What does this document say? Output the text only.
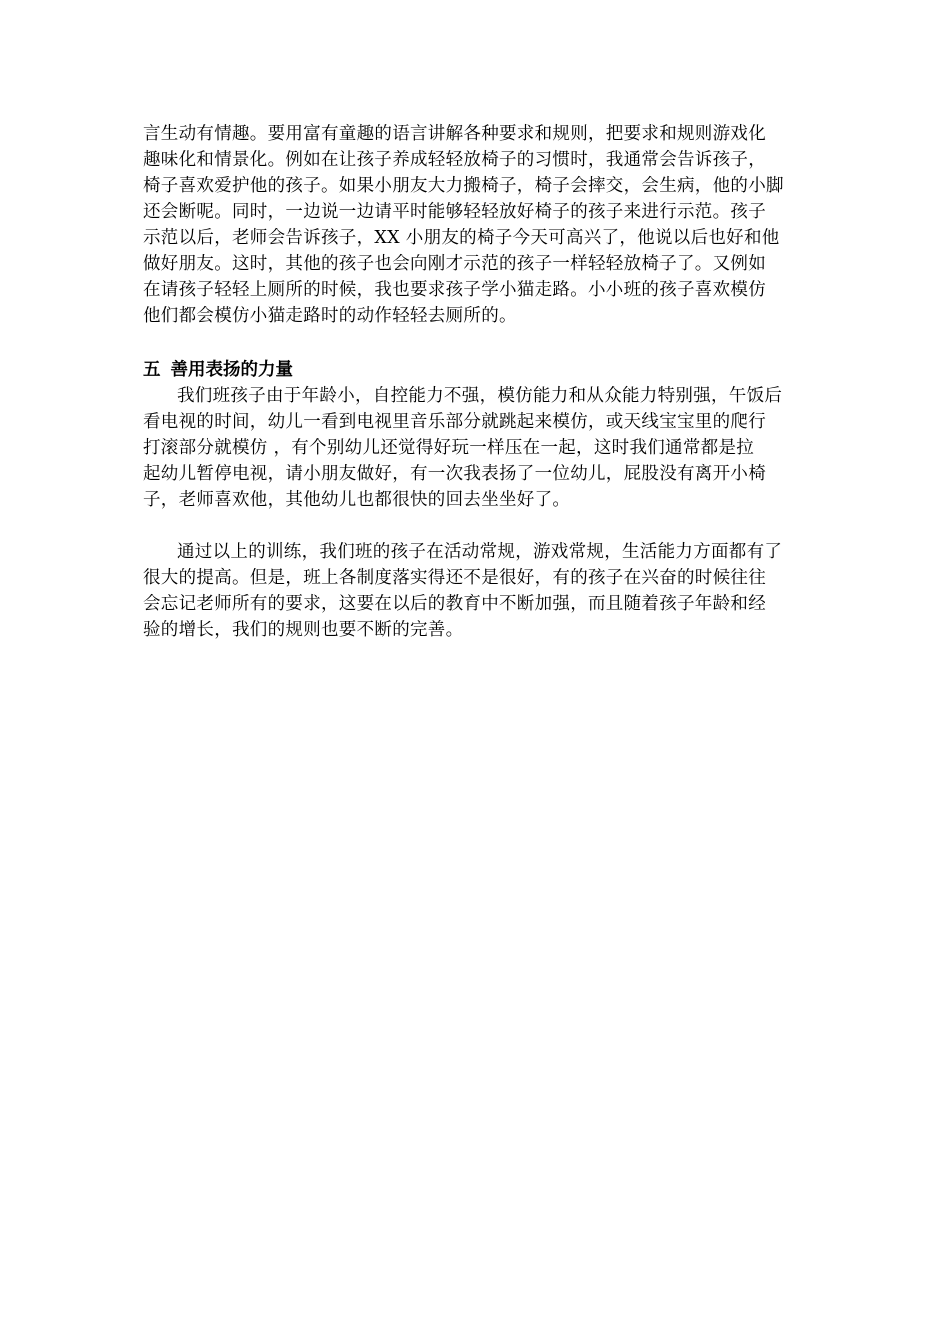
言生动有情趣。要用富有童趣的语言讲解各种要求和规则，把要求和规则游戏化
趣味化和情景化。例如在让孩子养成轻轻放椅子的习惯时，我通常会告诉孩子，
椅子喜欢爱护他的孩子。如果小朋友大力搬椅子，椅子会摔交，会生病，他的小脚
还会断呢。同时，一边说一边请平时能够轻轻放好椅子的孩子来进行示范。孩子
示范以后，老师会告诉孩子，XX 小朋友的椅子今天可高兴了，他说以后也好和他
做好朋友。这时，其他的孩子也会向刚才示范的孩子一样轻轻放椅子了。又例如
在请孩子轻轻上厕所的时候，我也要求孩子学小猫走路。小小班的孩子喜欢模仿
他们都会模仿小猫走路时的动作轻轻去厕所的。
五 善用表扬的力量
我们班孩子由于年龄小，自控能力不强，模仿能力和从众能力特别强，午饭后
看电视的时间，幼儿一看到电视里音乐部分就跳起来模仿，或天线宝宝里的爬行
打滚部分就模仿 ，有个别幼儿还觉得好玩一样压在一起，这时我们通常都是拉
起幼儿暂停电视，请小朋友做好，有一次我表扬了一位幼儿，屁股没有离开小椅
子，老师喜欢他，其他幼儿也都很快的回去坐坐好了。
通过以上的训练，我们班的孩子在活动常规，游戏常规，生活能力方面都有了
很大的提高。但是，班上各制度落实得还不是很好，有的孩子在兴奋的时候往往
会忘记老师所有的要求，这要在以后的教育中不断加强，而且随着孩子年龄和经
验的增长，我们的规则也要不断的完善。
